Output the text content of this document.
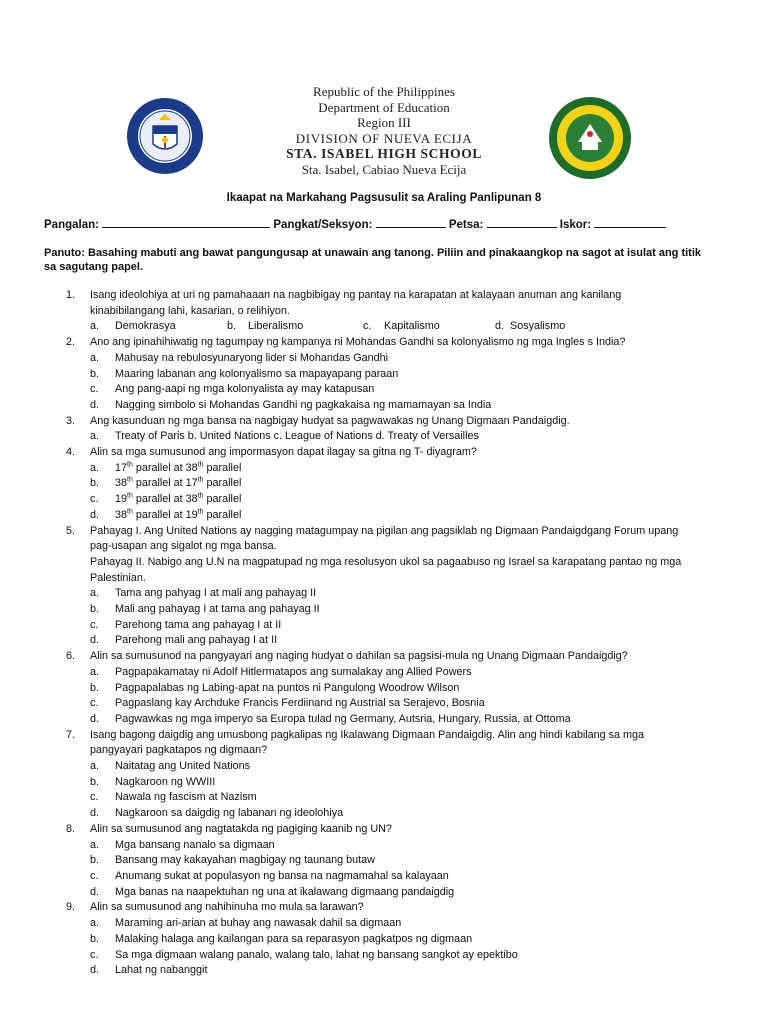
Republic of the Philippines
Department of Education
Region III
DIVISION OF NUEVA ECIJA
STA. ISABEL HIGH SCHOOL
Sta. Isabel, Cabiao Nueva Ecija
Ikaapat na Markahang Pagsusulit sa Araling Panlipunan 8
Pangalan:	Pangkat/Seksyon:	Petsa:	Iskor:
Panuto: Basahing mabuti ang bawat pangungusap at unawain ang tanong. Piliin and pinakaangkop na sagot at isulat ang titik sa sagutang papel.
1. Isang ideolohiya at uri ng pamahaaan na nagbibigay ng pantay na karapatan at kalayaan anuman ang kanilang
kinabibilangang lahi, kasarian, o relihiyon.
a. Demokrasya	b. Liberalismo	c. Kapitalismo	d. Sosyalismo
2. Ano ang ipinahihiwatig ng tagumpay ng kampanya ni Mohandas Gandhi sa kolonyalismo ng mga Ingles s India?
a. Mahusay na rebulosyunaryong lider si Mohandas Gandhi
b. Maaring labanan ang kolonyalismo sa mapayapang paraan
c. Ang pang-aapi ng mga kolonyalista ay may katapusan
d. Nagging simbolo si Mohandas Gandhi ng pagkakaisa ng mamamayan sa India
3. Ang kasunduan ng mga bansa na nagbigay hudyat sa pagwawakas ng Unang Digmaan Pandaigdig.
a. Treaty of Paris b. United Nations c. League of Nations d. Treaty of Versailles
4. Alin sa mga sumusunod ang impormasyon dapat ilagay sa gitna ng T- diyagram?
a. 17th parallel at 38th parallel
b. 38th parallel at 17th parallel
c. 19th parallel at 38th parallel
d. 38th parallel at 19th parallel
5. Pahayag I. Ang United Nations ay nagging matagumpay na pigilan ang pagsiklab ng Digmaan Pandaigdgang Forum upang
pag-usapan ang sigalot ng mga bansa.
Pahayag II. Nabigo ang U.N na magpatupad ng mga resolusyon ukol sa pagaabuso ng Israel sa karapatang pantao ng mga
Palestinian.
a. Tama ang pahyag I at mali ang pahayag II
b. Mali ang pahayag I at tama ang pahayag II
c. Parehong tama ang pahayag I at II
d. Parehong mali ang pahayag I at II
6. Alin sa sumusunod na pangyayari ang naging hudyat o dahilan sa pagsisi-mula ng Unang Digmaan Pandaigdig?
a. Pagpapakamatay ni Adolf Hitlermatapos ang sumalakay ang Allied Powers
b. Pagpapalabas ng Labing-apat na puntos ni Pangulong Woodrow Wilson
c. Pagpaslang kay Archduke Francis Ferdiinand ng Austrial sa Serajevo, Bosnia
d. Pagwawkas ng mga imperyo sa Europa tulad ng Germany, Autsria, Hungary, Russia, at Ottoma
7. Isang bagong daigdig ang umusbong pagkalipas ng Ikalawang Digmaan Pandaigdig. Alin ang hindi kabilang sa mga
pangyayari pagkatapos ng digmaan?
a. Naitatag ang United Nations
b. Nagkaroon ng WWIII
c. Nawala ng fascism at Nazism
d. Nagkaroon sa daigdig ng labanan ng ideolohiya
8. Alin sa sumusunod ang nagtatakda ng pagiging kaanib ng UN?
a. Mga bansang nanalo sa digmaan
b. Bansang may kakayahan magbigay ng taunang butaw
c. Anumang sukat at populasyon ng bansa na nagmamahal sa kalayaan
d. Mga banas na naapektuhan ng una at ikalawang digmaang pandaigdig
9. Alin sa sumusunod ang nahihinuha mo mula sa larawan?
a. Maraming ari-arian at buhay ang nawasak dahil sa digmaan
b. Malaking halaga ang kailangan para sa reparasyon pagkatpos ng digmaan
c. Sa mga digmaan walang panalo, walang talo, lahat ng bansang sangkot ay epektibo
d. Lahat ng nabanggit
